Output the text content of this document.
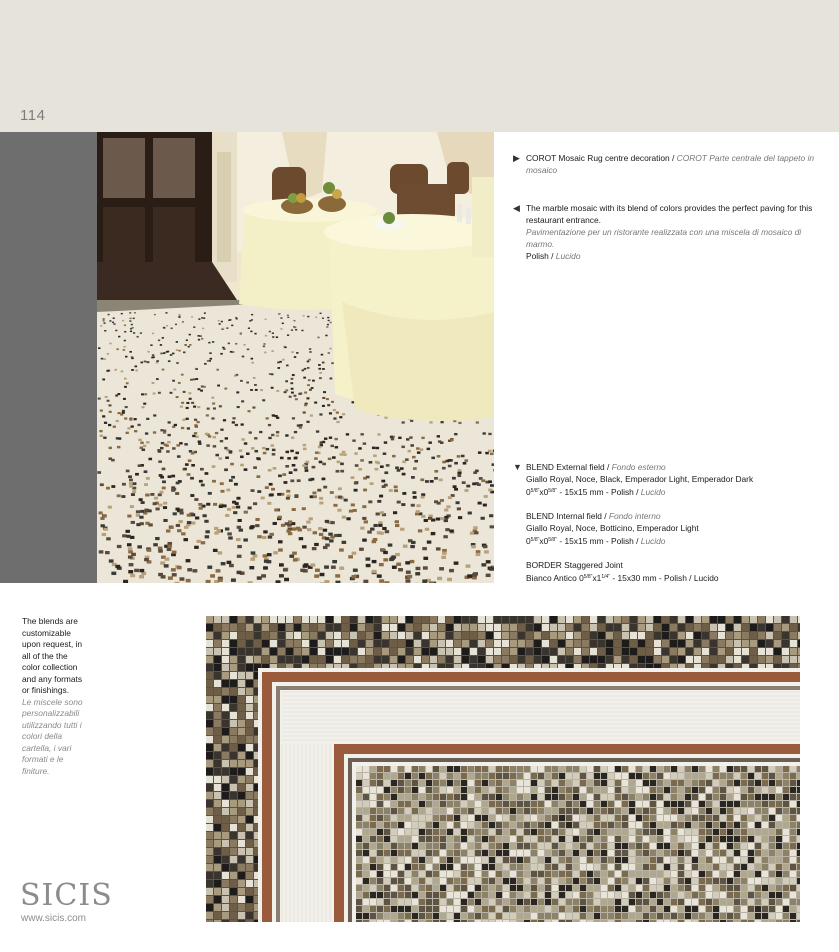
114
▶ COROT Mosaic Rug centre decoration / COROT Parte centrale del tappeto in mosaico
◀ The marble mosaic with its blend of colors provides the perfect paving for this restaurant entrance.
Pavimentazione per un ristorante realizzata con una miscela di mosaico di marmo.
Polish / Lucido
▼ BLEND External field / Fondo esterno
Giallo Royal, Noce, Black, Emperador Light, Emperador Dark
$0^{5/8"}x0^{5/8"} - 15x15$ mm - Polish / Lucido
BLEND Internal field / Fondo interno
Giallo Royal, Noce, Botticino, Emperador Light
$0^{5/8"}x0^{5/8"} - 15x15$ mm - Polish / Lucido
BORDER Staggered Joint
Bianco Antico $0^{5/8"}x1^{1/4"} - 15x30$ mm - Polish / Lucido
The blends are customizable upon request, in all of the the color collection and any formats or finishings.
Le miscele sono personalizzabili utilizzando tutti i colori della cartella, i vari formati e le finiture.
SICIS
www.sicis.com
